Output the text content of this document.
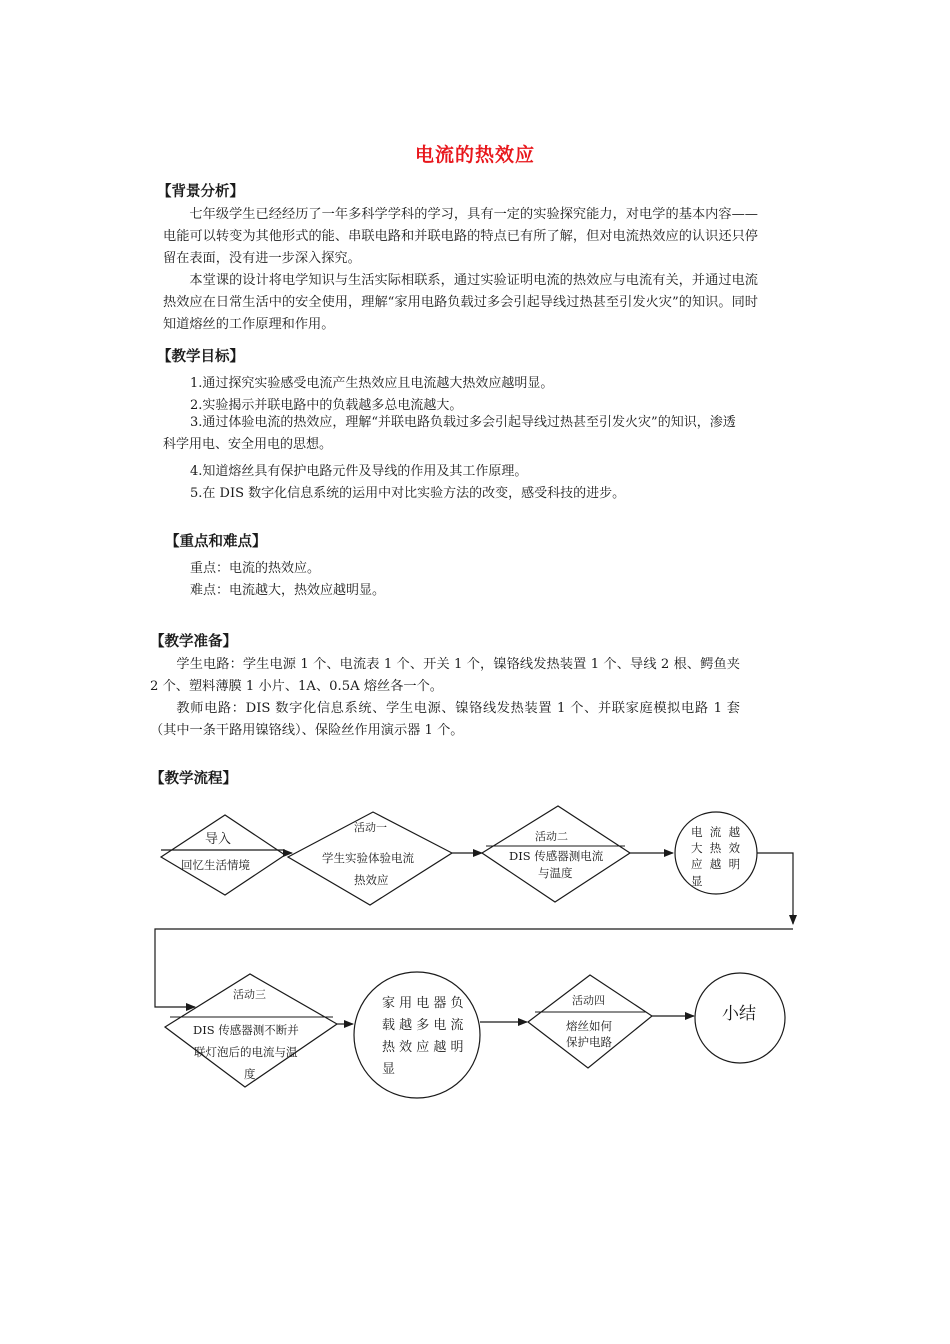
电流的热效应
【背景分析】

七年级学生已经经历了一年多科学学科的学习，具有一定的实验探究能力，对电学的基本内容——电能可以转变为其他形式的能、串联电路和并联电路的特点已有所了解，但对电流热效应的认识还只停留在表面，没有进一步深入探究。

本堂课的设计将电学知识与生活实际相联系，通过实验证明电流的热效应与电流有关，并通过电流热效应在日常生活中的安全使用，理解“家用电路负载过多会引起导线过热甚至引发火灾”的知识。同时知道熔丝的工作原理和作用。

【教学目标】
1.通过探究实验感受电流产生热效应且电流越大热效应越明显。
2.实验揭示并联电路中的负载越多总电流越大。

3.通过体验电流的热效应，理解“并联电路负载过多会引起导线过热甚至引发火灾”的知识，渗透科学用电、安全用电的思想。

4.知道熔丝具有保护电路元件及导线的作用及其工作原理。
5.在 DIS 数字化信息系统的运用中对比实验方法的改变，感受科技的进步。
【重点和难点】
重点：电流的热效应。
难点：电流越大，热效应越明显。
【教学准备】

学生电路：学生电源 1 个、电流表 1 个、开关 1 个，镍铬线发热装置 1 个、导线 2 根、鳄鱼夹 2 个、塑料薄膜 1 小片、1A、0.5A 熔丝各一个。

教师电路：DIS 数字化信息系统、学生电源、镍铬线发热装置 1 个、并联家庭模拟电路 1 套（其中一条干路用镍铬线）、保险丝作用演示器 1 个。

【教学流程】
导入
回忆生活情境
活动一
学生实验体验电流
热效应
活动二
DIS 传感器测电流
与温度
电  流  越
大  热  效
应  越  明
显
活动三
DIS 传感器测不断并
联灯泡后的电流与温
度
家 用 电 器 负
载 越 多 电 流
热 效 应 越 明
显
活动四
熔丝如何
保护电路
小结
